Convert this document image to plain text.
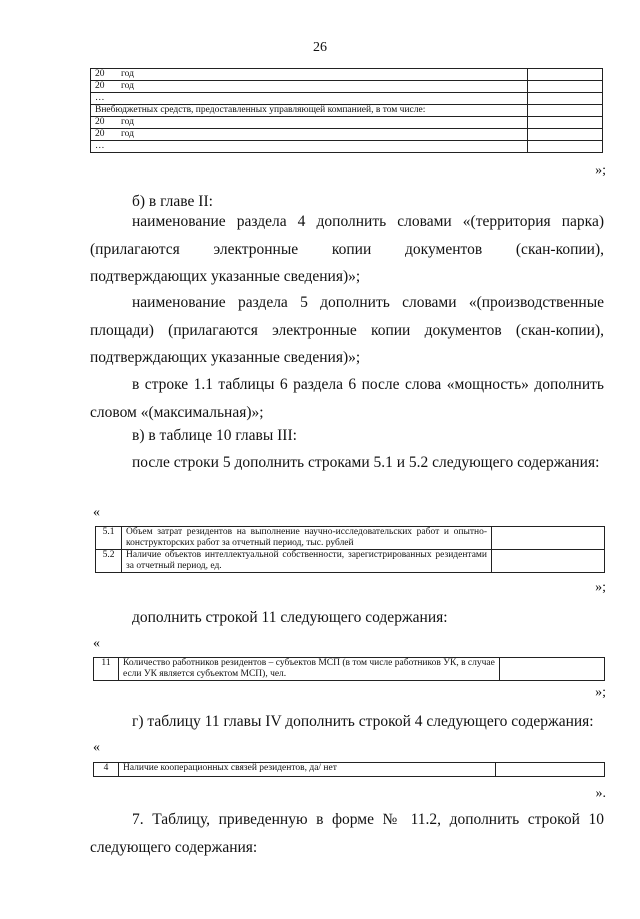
26
20 год	
20 год	
…	
Внебюджетных средств, предоставленных управляющей компанией, в том числе:	
20 год	
20 год	
…	
»;
б) в главе II:

наименование раздела 4 дополнить словами «(территория парка) (прилагаются электронные копии документов (скан-копии), подтверждающих указанные сведения)»;

наименование раздела 5 дополнить словами «(производственные площади) (прилагаются электронные копии документов (скан-копии), подтверждающих указанные сведения)»;

в строке 1.1 таблицы 6 раздела 6 после слова «мощность» дополнить словом «(максимальная)»;

в) в таблице 10 главы III:
после строки 5 дополнить строками 5.1 и 5.2 следующего содержания:
«
5.1	Объем затрат резидентов на выполнение научно-исследовательских работ и опытно-конструкторских работ за отчетный период, тыс. рублей	
5.2	Наличие объектов интеллектуальной собственности, зарегистрированных резидентами за отчетный период, ед.	
»;
дополнить строкой 11 следующего содержания:
«
11	Количество работников резидентов – субъектов МСП (в том числе работников УК, в случае если УК является субъектом МСП), чел.	
»;
г) таблицу 11 главы IV дополнить строкой 4 следующего содержания:
«
4	Наличие кооперационных связей резидентов, да/ нет	
».

7. Таблицу, приведенную в форме № 11.2, дополнить строкой 10 следующего содержания:
